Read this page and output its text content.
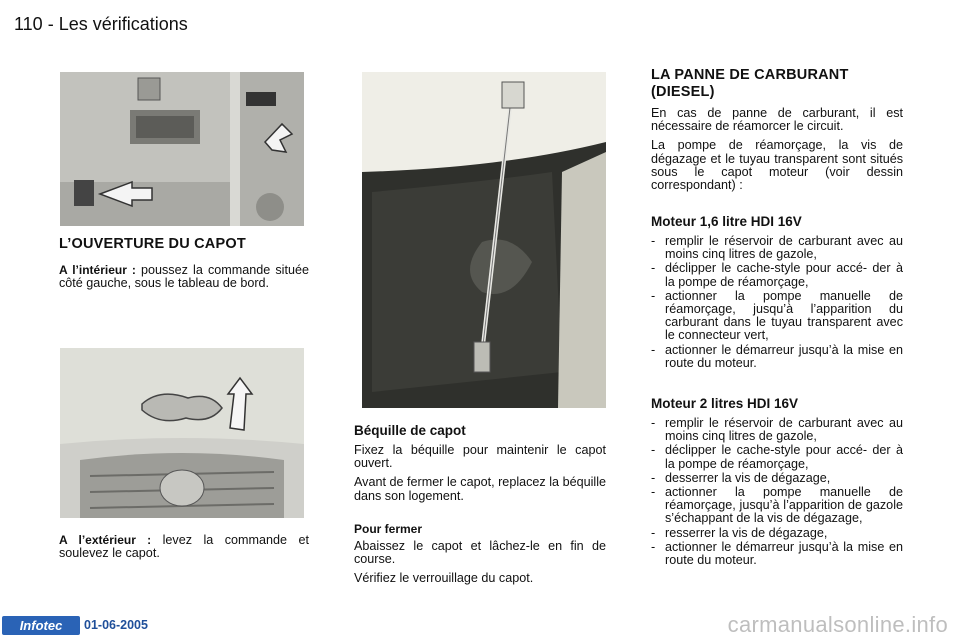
110 - Les vérifications
L’OUVERTURE DU CAPOT
A l’intérieur : poussez la commande située côté gauche, sous le tableau de bord.
A l’extérieur : levez la commande et soulevez le capot.
Béquille de capot

Fixez la béquille pour maintenir le capot ouvert.

Avant de fermer le capot, replacez la béquille dans son logement.

Pour fermer

Abaissez le capot et lâchez-le en fin de course.

Vérifiez le verrouillage du capot.

LA PANNE DE CARBURANT (DIESEL)

En cas de panne de carburant, il est nécessaire de réamorcer le circuit.

La pompe de réamorçage, la vis de dégazage et le tuyau transparent sont situés sous le capot moteur (voir dessin correspondant) :

Moteur 1,6 litre HDI 16V
- remplir le réservoir de carburant avec au moins cinq litres de gazole,
- déclipper le cache-style pour accé- der à la pompe de réamorçage,
- actionner la pompe manuelle de réamorçage, jusqu’à l’apparition du carburant dans le tuyau transparent avec le connecteur vert,
- actionner le démarreur jusqu’à la mise en route du moteur.
Moteur 2 litres HDI 16V
- remplir le réservoir de carburant avec au moins cinq litres de gazole,
- déclipper le cache-style pour accé- der à la pompe de réamorçage,
- desserrer la vis de dégazage,
- actionner la pompe manuelle de réamorçage, jusqu’à l’apparition de gazole s’échappant de la vis de dégazage,
- resserrer la vis de dégazage,
- actionner le démarreur jusqu’à la mise en route du moteur.
Infotec	01-06-2005	carmanualsonline.info
